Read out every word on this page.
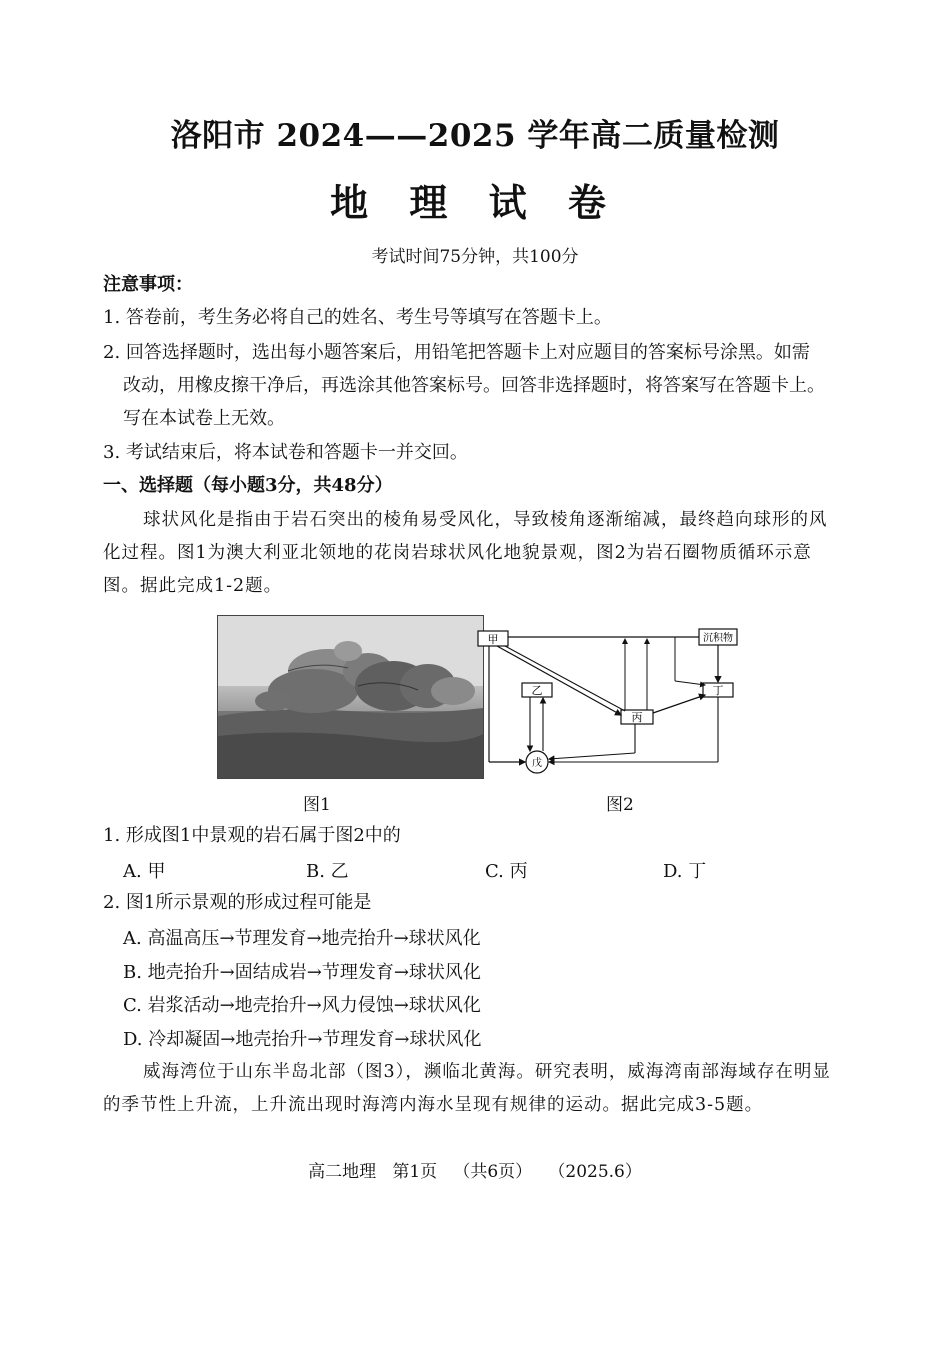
洛阳市 2024——2025 学年高二质量检测
地 理 试 卷
考试时间75分钟，共100分
注意事项：
1. 答卷前，考生务必将自己的姓名、考生号等填写在答题卡上。
2. 回答选择题时，选出每小题答案后，用铅笔把答题卡上对应题目的答案标号涂黑。如需
改动，用橡皮擦干净后，再选涂其他答案标号。回答非选择题时，将答案写在答题卡上。
写在本试卷上无效。
3. 考试结束后，将本试卷和答题卡一并交回。
一、选择题（每小题3分，共48分）
球状风化是指由于岩石突出的棱角易受风化，导致棱角逐渐缩减，最终趋向球形的风
化过程。图1为澳大利亚北领地的花岗岩球状风化地貌景观，图2为岩石圈物质循环示意
图。据此完成1-2题。
甲	沉积物
乙
丙
丁
戊
图1	图2
1. 形成图1中景观的岩石属于图2中的
A. 甲	B. 乙	C. 丙	D. 丁
2. 图1所示景观的形成过程可能是
A. 高温高压→节理发育→地壳抬升→球状风化
B. 地壳抬升→固结成岩→节理发育→球状风化
C. 岩浆活动→地壳抬升→风力侵蚀→球状风化
D. 冷却凝固→地壳抬升→节理发育→球状风化
威海湾位于山东半岛北部（图3），濒临北黄海。研究表明，威海湾南部海域存在明显
的季节性上升流，上升流出现时海湾内海水呈现有规律的运动。据此完成3-5题。
高二地理   第1页   （共6页）   （2025.6）
